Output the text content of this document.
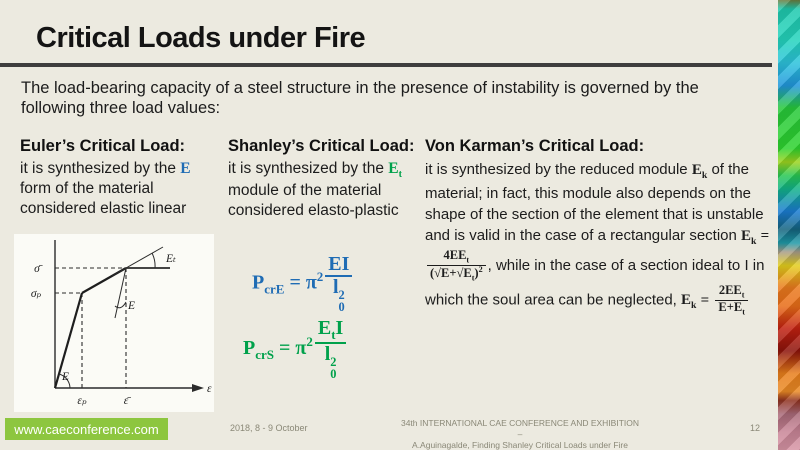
Critical Loads under Fire
The load-bearing capacity of a steel structure in the presence of instability is governed by the following three load values:

Euler’s Critical Load:

it is synthesized by the E form of the material considered elastic linear

Shanley’s Critical Load:

it is synthesized by the $E_t$ module of the material considered elasto-plastic

Von Karman’s Critical Load:

it is synthesized by the reduced module $E_k$ of the material; in fact, this module also depends on the shape of the section of the element that is unstable and is valid in the case of a rectangular section $E_k$ =
$\frac{4EE_t}{(√E+√E_t)^2}$ , while in the case of a section ideal to I in which the soul area can be neglected, $E_k = \frac{2EE_t}{E+E_t}$

σ̄
σₚ
ε
εₚ	ε̄
E
E
Eₜ
$P_{crE} = \pi^2$ EI
l 2
0
$P_{crS} = \pi^2$ $E_tI$
l 2
0
www.caeconference.com	2018, 8 - 9 October	34th INTERNATIONAL CAE CONFERENCE AND EXHIBITION –
A.Aguinagalde, Finding Shanley Critical Loads under Fire
12
